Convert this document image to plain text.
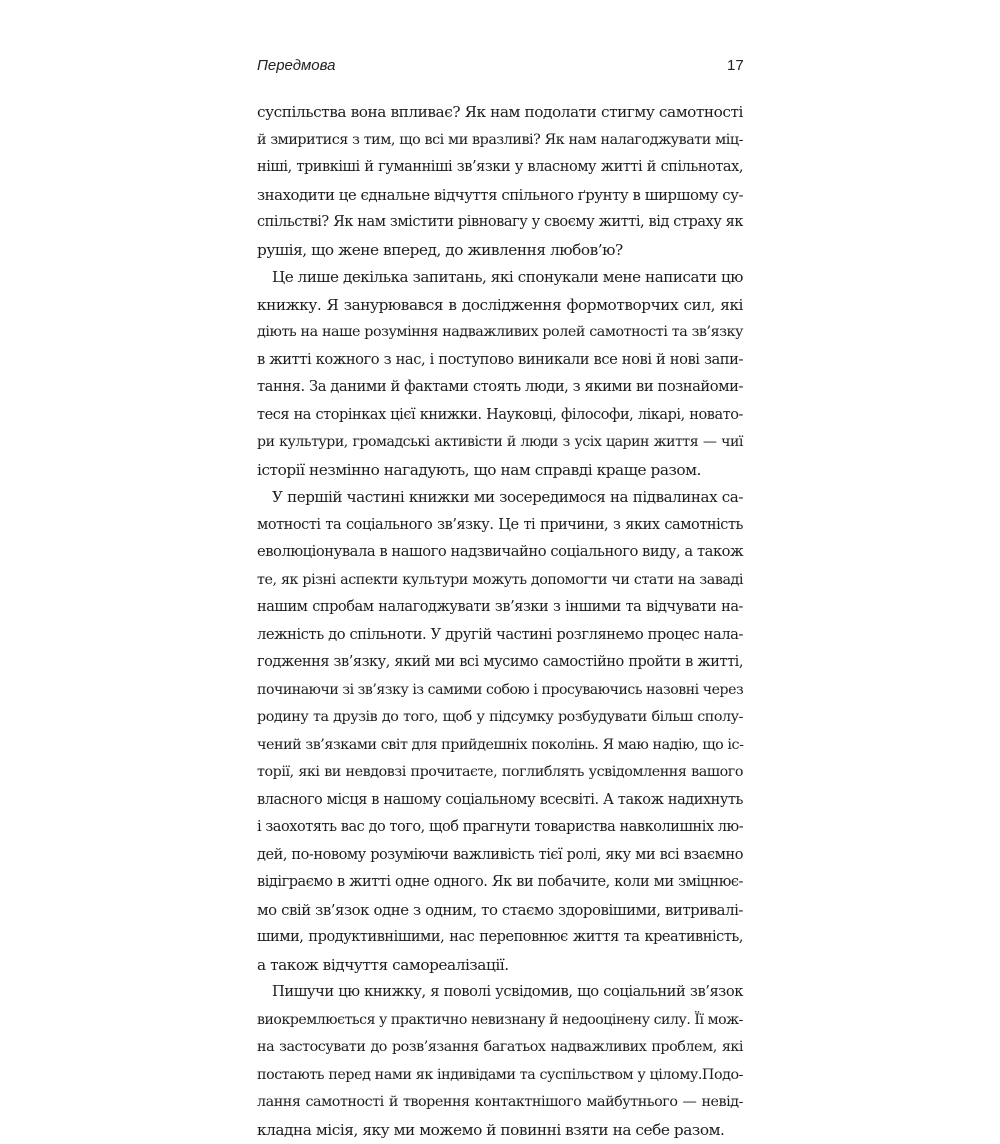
Передмова	17
суспільства вона впливає? Як нам подолати стигму самотності
й змиритися з тим, що всі ми вразливі? Як нам налагоджувати міц-
ніші, тривкіші й гуманніші зв’язки у власному житті й спільнотах,
знаходити це єднальне відчуття спільного ґрунту в ширшому су-
спільстві? Як нам змістити рівновагу у своєму житті, від страху як
рушія, що жене вперед, до живлення любов’ю?
Це лише декілька запитань, які спонукали мене написати цю
книжку. Я занурювався в дослідження формотворчих сил, які
діють на наше розуміння надважливих ролей самотності та зв’язку
в житті кожного з нас, і поступово виникали все нові й нові запи-
тання. За даними й фактами стоять люди, з якими ви познайоми-
теся на сторінках цієї книжки. Науковці, філософи, лікарі, новато-
ри культури, громадські активісти й люди з усіх царин життя — чиї
історії незмінно нагадують, що нам справді краще разом.
У першій частині книжки ми зосередимося на підвалинах са-
мотності та соціального зв’язку. Це ті причини, з яких самотність
еволюціонувала в нашого надзвичайно соціального виду, а також
те, як різні аспекти культури можуть допомогти чи стати на заваді
нашим спробам налагоджувати зв’язки з іншими та відчувати на-
лежність до спільноти. У другій частині розглянемо процес нала-
годження зв’язку, який ми всі мусимо самостійно пройти в житті,
починаючи зі зв’язку із самими собою і просуваючись назовні через
родину та друзів до того, щоб у підсумку розбудувати більш сполу-
чений зв’язками світ для прийдешніх поколінь. Я маю надію, що іс-
торії, які ви невдовзі прочитаєте, поглиблять усвідомлення вашого
власного місця в нашому соціальному всесвіті. А також надихнуть
і заохотять вас до того, щоб прагнути товариства навколишніх лю-
дей, по-новому розуміючи важливість тієї ролі, яку ми всі взаємно
відіграємо в житті одне одного. Як ви побачите, коли ми зміцнює-
мо свій зв’язок одне з одним, то стаємо здоровішими, витривалі-
шими, продуктивнішими, нас переповнює життя та креативність,
а також відчуття самореалізації.
Пишучи цю книжку, я поволі усвідомив, що соціальний зв’язок
виокремлюється у практично невизнану й недооцінену силу. Її мож-
на застосувати до розв’язання багатьох надважливих проблем, які
постають перед нами як індивідами та суспільством у цілому.Подо-
лання самотності й творення контактнішого майбутнього — невід-
кладна місія, яку ми можемо й повинні взяти на себе разом.
